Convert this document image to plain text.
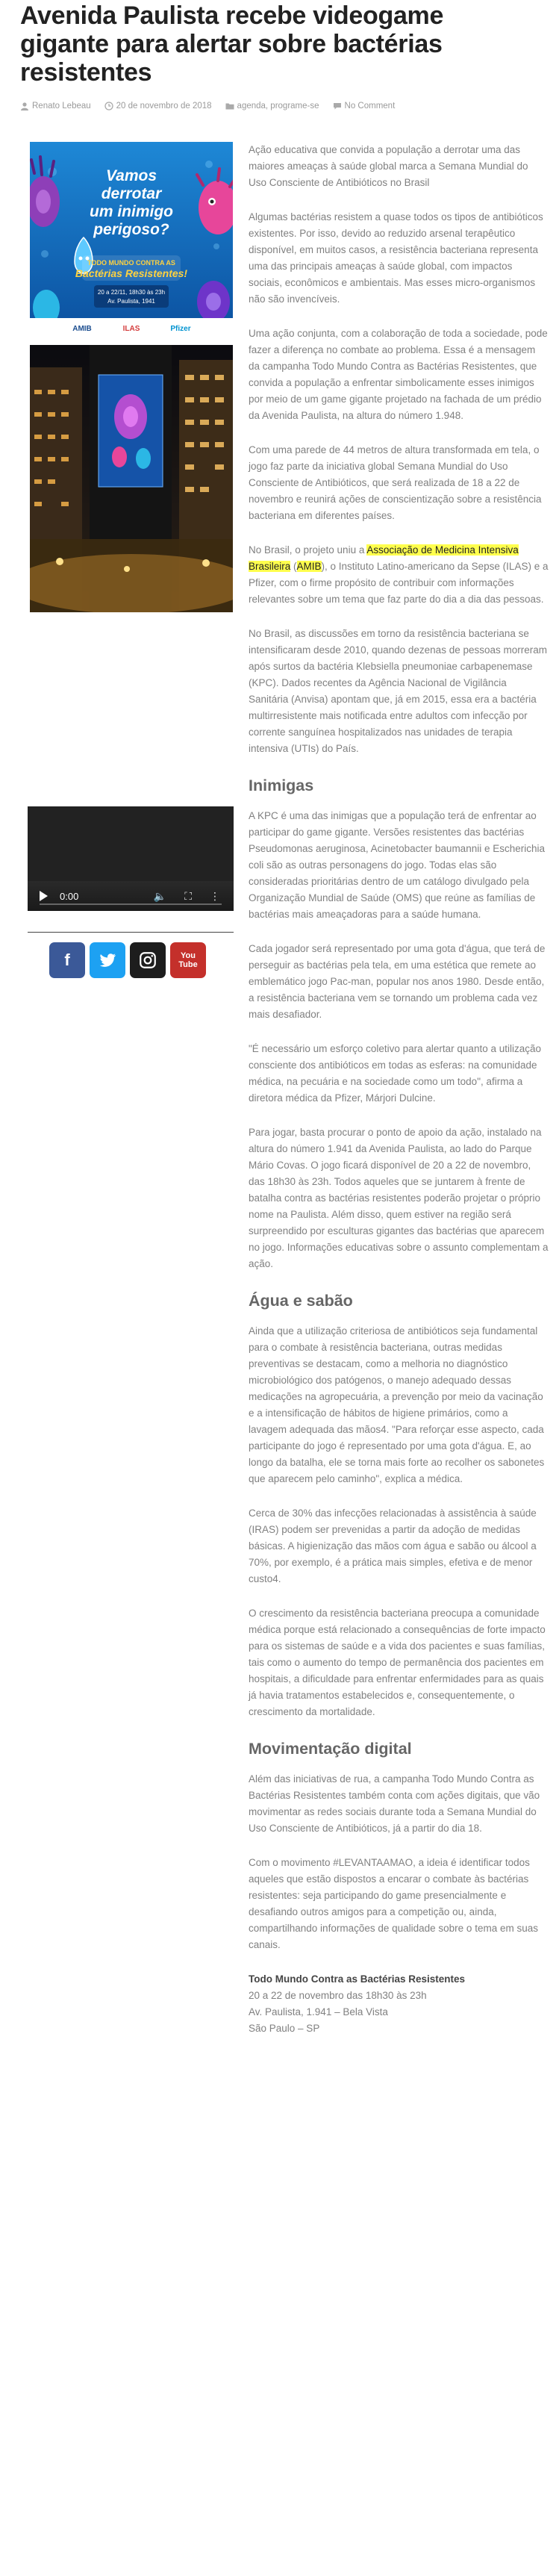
Avenida Paulista recebe videogame gigante para alertar sobre bactérias resistentes
Renato Lebeau	20 de novembro de 2018	agenda, programe-se	No Comment
Vamos
derrotar
um inimigo
perigoso?
TODO MUNDO CONTRA AS
Bactérias Resistentes!
20 a 22/11, 18h30 às 23h
Av. Paulista, 1941
AMIB	ILAS	Pfizer
0:00	🔈 ⛶ ⋮
f	You Tube

Ação educativa que convida a população a derrotar uma das maiores ameaças à saúde global marca a Semana Mundial do Uso Consciente de Antibióticos no Brasil

Algumas bactérias resistem a quase todos os tipos de antibióticos existentes. Por isso, devido ao reduzido arsenal terapêutico disponível, em muitos casos, a resistência bacteriana representa uma das principais ameaças à saúde global, com impactos sociais, econômicos e ambientais. Mas esses micro-organismos não são invencíveis.

Uma ação conjunta, com a colaboração de toda a sociedade, pode fazer a diferença no combate ao problema. Essa é a mensagem da campanha Todo Mundo Contra as Bactérias Resistentes, que convida a população a enfrentar simbolicamente esses inimigos por meio de um game gigante projetado na fachada de um prédio da Avenida Paulista, na altura do número 1.948.

Com uma parede de 44 metros de altura transformada em tela, o jogo faz parte da iniciativa global Semana Mundial do Uso Consciente de Antibióticos, que será realizada de 18 a 22 de novembro e reunirá ações de conscientização sobre a resistência bacteriana em diferentes países.

No Brasil, o projeto uniu a Associação de Medicina Intensiva Brasileira (AMIB), o Instituto Latino-americano da Sepse (ILAS) e a Pfizer, com o firme propósito de contribuir com informações relevantes sobre um tema que faz parte do dia a dia das pessoas.

No Brasil, as discussões em torno da resistência bacteriana se intensificaram desde 2010, quando dezenas de pessoas morreram após surtos da bactéria Klebsiella pneumoniae carbapenemase (KPC). Dados recentes da Agência Nacional de Vigilância Sanitária (Anvisa) apontam que, já em 2015, essa era a bactéria multirresistente mais notificada entre adultos com infecção por corrente sanguínea hospitalizados nas unidades de terapia intensiva (UTIs) do País.

Inimigas

A KPC é uma das inimigas que a população terá de enfrentar ao participar do game gigante. Versões resistentes das bactérias Pseudomonas aeruginosa, Acinetobacter baumannii e Escherichia coli são as outras personagens do jogo. Todas elas são consideradas prioritárias dentro de um catálogo divulgado pela Organização Mundial de Saúde (OMS) que reúne as famílias de bactérias mais ameaçadoras para a saúde humana.

Cada jogador será representado por uma gota d'água, que terá de perseguir as bactérias pela tela, em uma estética que remete ao emblemático jogo Pac-man, popular nos anos 1980. Desde então, a resistência bacteriana vem se tornando um problema cada vez mais desafiador.

"É necessário um esforço coletivo para alertar quanto a utilização consciente dos antibióticos em todas as esferas: na comunidade médica, na pecuária e na sociedade como um todo", afirma a diretora médica da Pfizer, Márjori Dulcine.

Para jogar, basta procurar o ponto de apoio da ação, instalado na altura do número 1.941 da Avenida Paulista, ao lado do Parque Mário Covas. O jogo ficará disponível de 20 a 22 de novembro, das 18h30 às 23h. Todos aqueles que se juntarem à frente de batalha contra as bactérias resistentes poderão projetar o próprio nome na Paulista. Além disso, quem estiver na região será surpreendido por esculturas gigantes das bactérias que aparecem no jogo. Informações educativas sobre o assunto complementam a ação.

Água e sabão

Ainda que a utilização criteriosa de antibióticos seja fundamental para o combate à resistência bacteriana, outras medidas preventivas se destacam, como a melhoria no diagnóstico microbiológico dos patógenos, o manejo adequado dessas medicações na agropecuária, a prevenção por meio da vacinação e a intensificação de hábitos de higiene primários, como a lavagem adequada das mãos4. "Para reforçar esse aspecto, cada participante do jogo é representado por uma gota d'água. E, ao longo da batalha, ele se torna mais forte ao recolher os sabonetes que aparecem pelo caminho", explica a médica.

Cerca de 30% das infecções relacionadas à assistência à saúde (IRAS) podem ser prevenidas a partir da adoção de medidas básicas. A higienização das mãos com água e sabão ou álcool a 70%, por exemplo, é a prática mais simples, efetiva e de menor custo4.

O crescimento da resistência bacteriana preocupa a comunidade médica porque está relacionado a consequências de forte impacto para os sistemas de saúde e a vida dos pacientes e suas famílias, tais como o aumento do tempo de permanência dos pacientes em hospitais, a dificuldade para enfrentar enfermidades para as quais já havia tratamentos estabelecidos e, consequentemente, o crescimento da mortalidade.

Movimentação digital

Além das iniciativas de rua, a campanha Todo Mundo Contra as Bactérias Resistentes também conta com ações digitais, que vão movimentar as redes sociais durante toda a Semana Mundial do Uso Consciente de Antibióticos, já a partir do dia 18.

Com o movimento #LEVANTAAMAO, a ideia é identificar todos aqueles que estão dispostos a encarar o combate às bactérias resistentes: seja participando do game presencialmente e desafiando outros amigos para a competição ou, ainda, compartilhando informações de qualidade sobre o tema em suas canais.

Todo Mundo Contra as Bactérias Resistentes
20 a 22 de novembro das 18h30 às 23h
Av. Paulista, 1.941 – Bela Vista
São Paulo – SP
